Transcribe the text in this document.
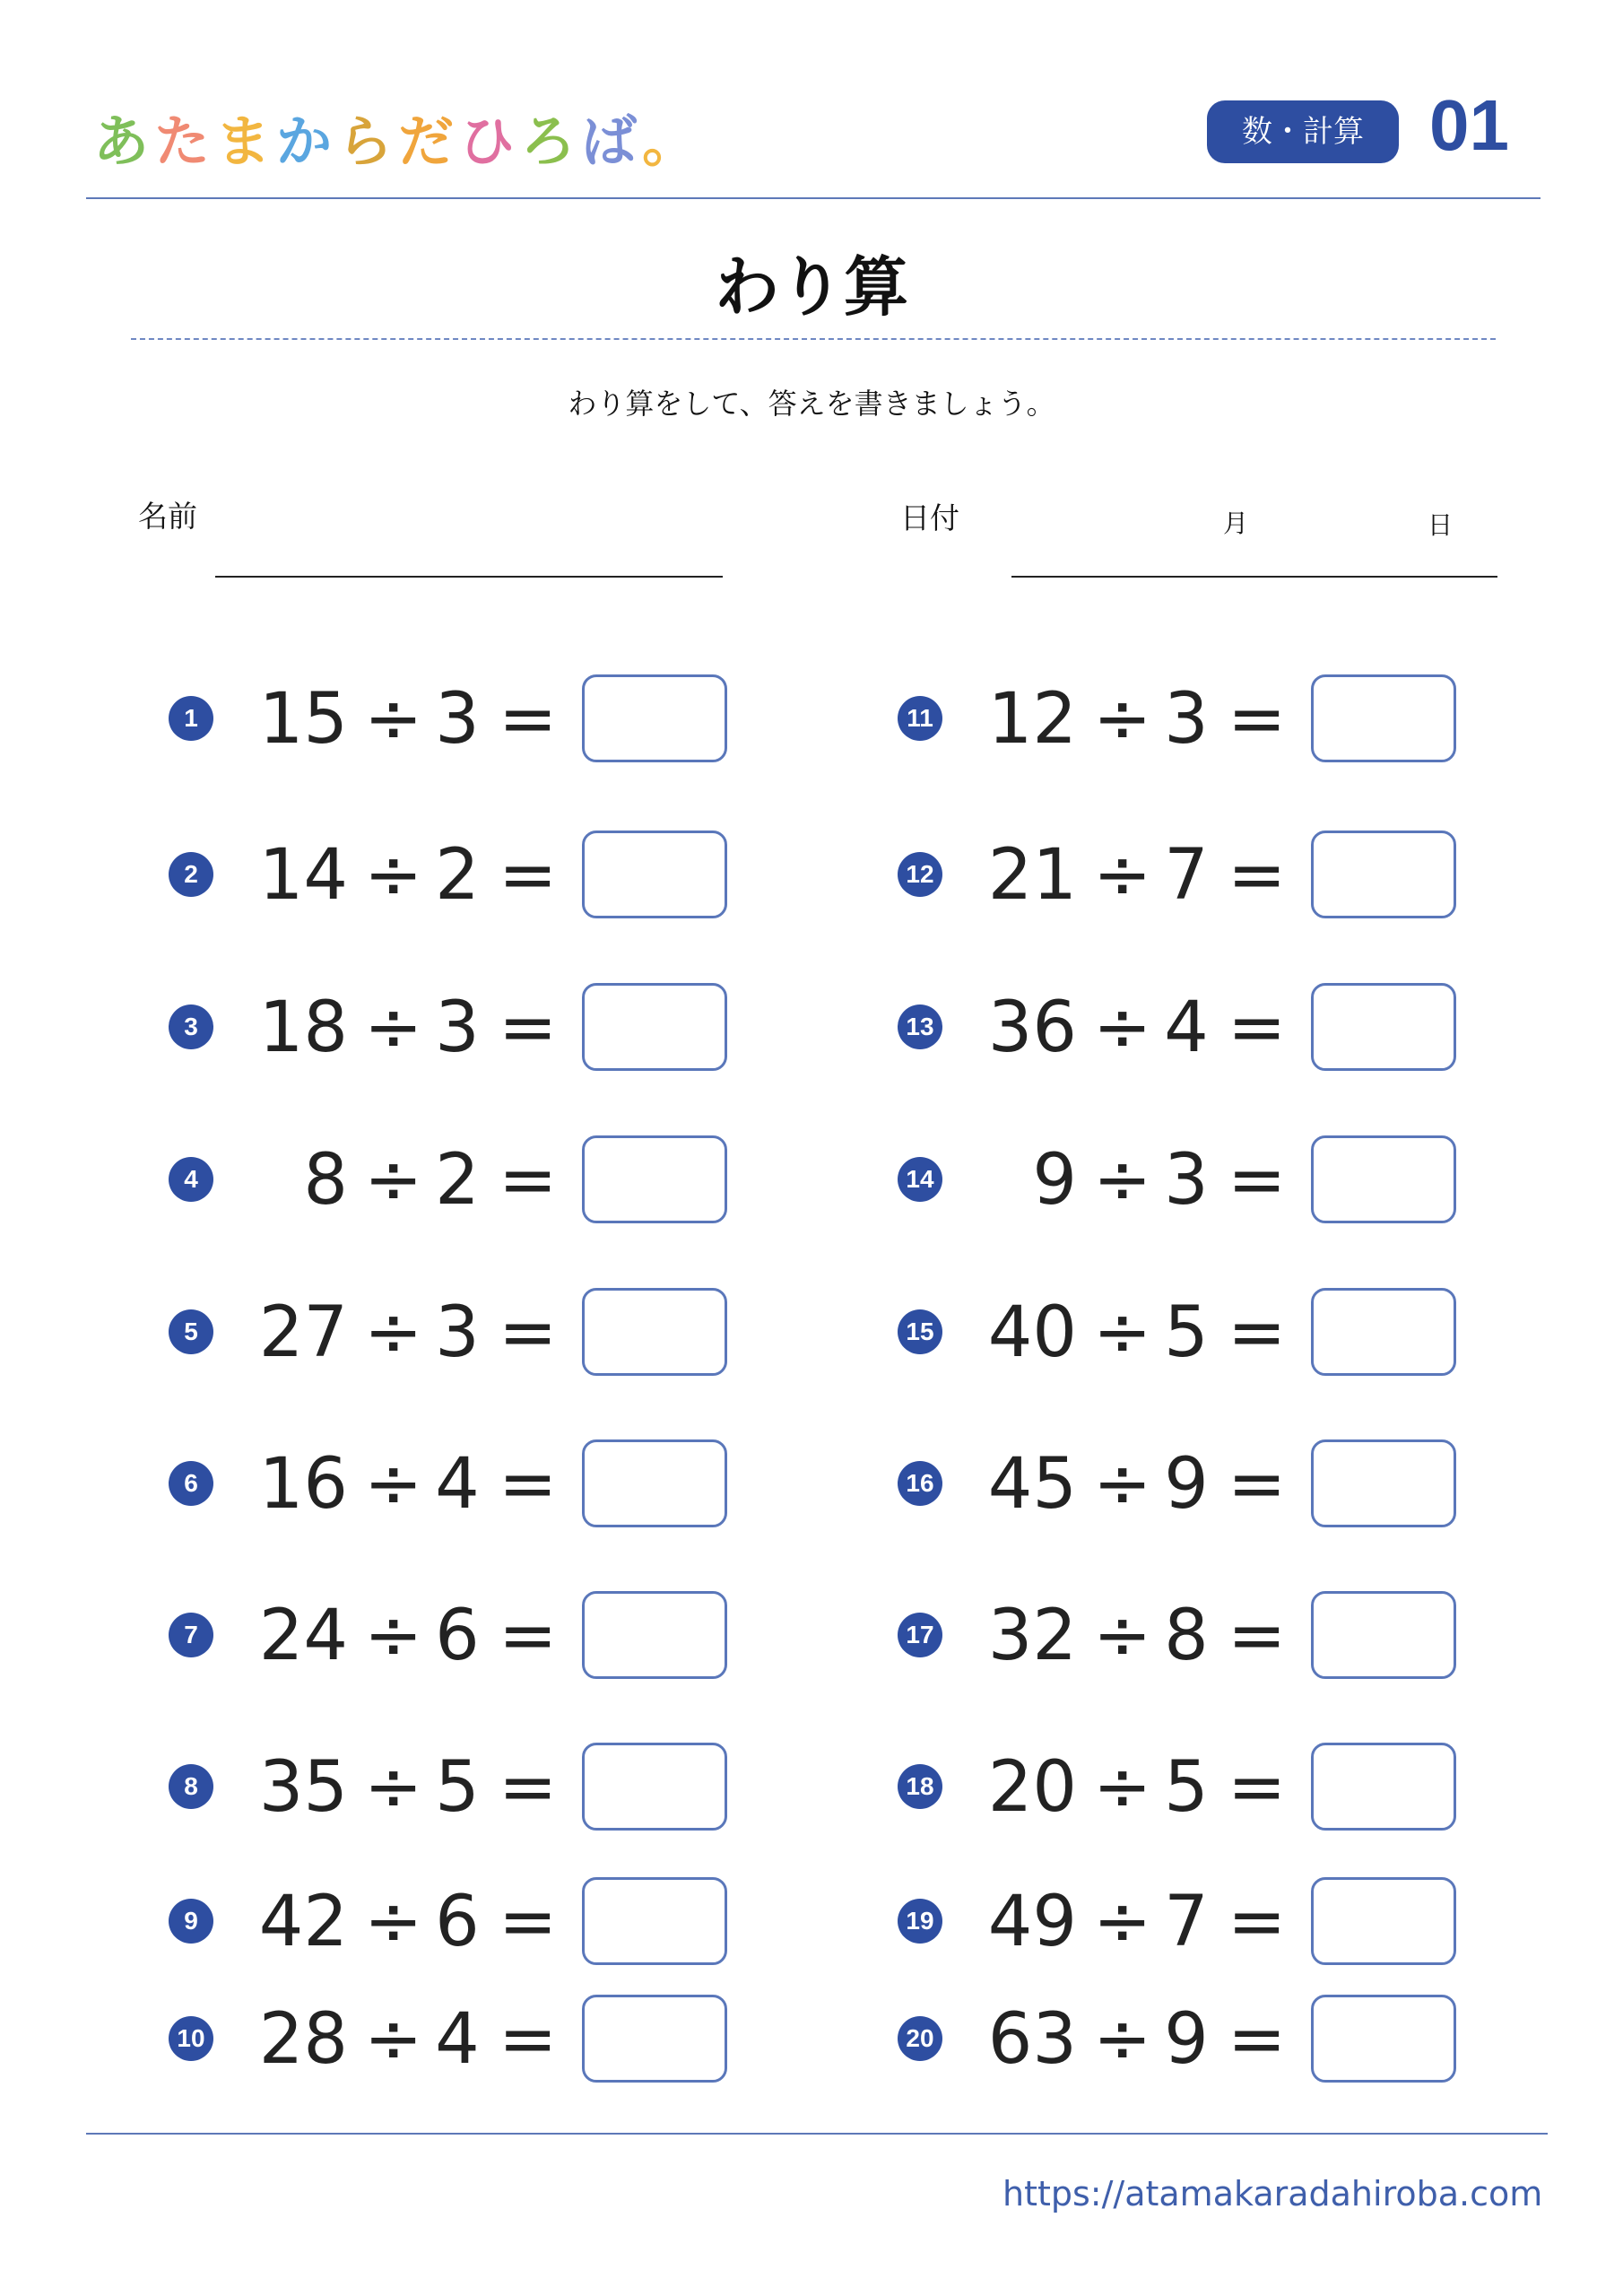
あたまからだひろば。	数・計算 01
わり算
わり算をして、答えを書きましょう。
名前	日付	月	日
1 15 ÷ 3 =
2 14 ÷ 2 =
3 18 ÷ 3 =
4	8 ÷ 2 =
5 27 ÷ 3 =
6 16 ÷ 4 =
7 24 ÷ 6 =
8 35 ÷ 5 =
9 42 ÷ 6 =
10 28 ÷ 4 =
11 12 ÷ 3 =
12 21 ÷ 7 =
13 36 ÷ 4 =
14	9 ÷ 3 =
15 40 ÷ 5 =
16 45 ÷ 9 =
17 32 ÷ 8 =
18 20 ÷ 5 =
19 49 ÷ 7 =
20 63 ÷ 9 =
https://atamakaradahiroba.com
